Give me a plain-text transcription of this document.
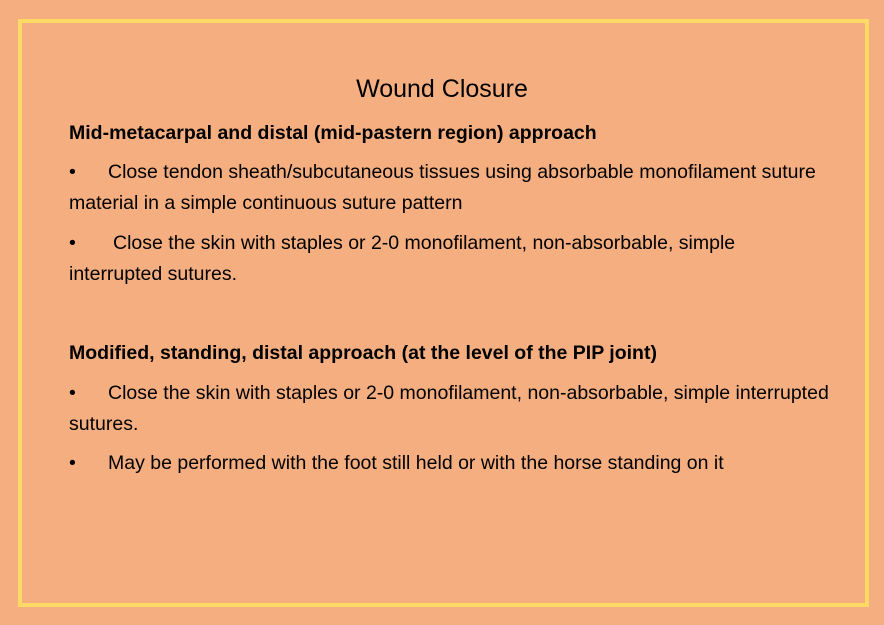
Wound Closure
Mid-metacarpal and distal (mid-pastern region) approach
• Close tendon sheath/subcutaneous tissues using absorbable monofilament suture material in a simple continuous suture pattern
• Close the skin with staples or 2-0 monofilament, non-absorbable, simple interrupted sutures.
Modified, standing, distal approach (at the level of the PIP joint)
• Close the skin with staples or 2-0 monofilament, non-absorbable, simple interrupted sutures.
• May be performed with the foot still held or with the horse standing on it
